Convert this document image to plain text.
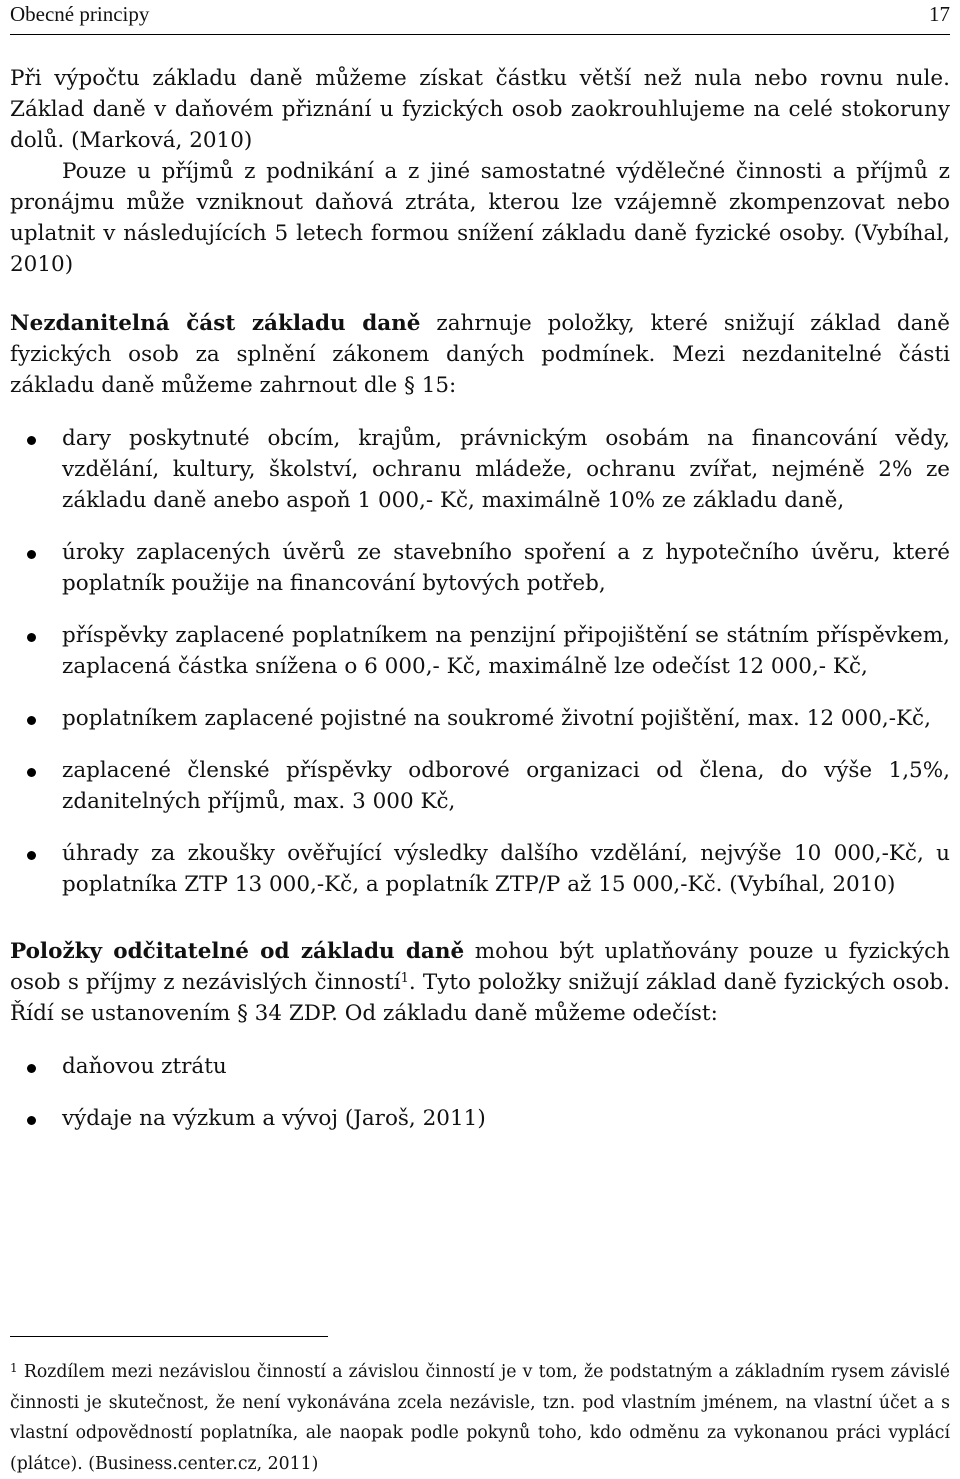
Obecné principy	17

Při výpočtu základu daně můžeme získat částku větší než nula nebo rovnu nule. Základ daně v daňovém přiznání u fyzických osob zaokrouhlujeme na celé stokoruny dolů. (Marková, 2010)

Pouze u příjmů z podnikání a z jiné samostatné výdělečné činnosti a příjmů z pronájmu může vzniknout daňová ztráta, kterou lze vzájemně zkompenzovat nebo uplatnit v následujících 5 letech formou snížení základu daně fyzické osoby. (Vybíhal, 2010)

Nezdanitelná část základu daně zahrnuje položky, které snižují základ daně fyzických osob za splnění zákonem daných podmínek. Mezi nezdanitelné části základu daně můžeme zahrnout dle § 15:

dary poskytnuté obcím, krajům, právnickým osobám na financování vědy, vzdělání, kultury, školství, ochranu mládeže, ochranu zvířat, nejméně 2% ze základu daně anebo aspoň 1 000,- Kč, maximálně 10% ze základu daně,
úroky zaplacených úvěrů ze stavebního spoření a z hypotečního úvěru, které poplatník použije na financování bytových potřeb,
příspěvky zaplacené poplatníkem na penzijní připojištění se státním příspěvkem, zaplacená částka snížena o 6 000,- Kč, maximálně lze odečíst 12 000,- Kč,
poplatníkem zaplacené pojistné na soukromé životní pojištění, max. 12 000,-Kč,
zaplacené členské příspěvky odborové organizaci od člena, do výše 1,5%, zdanitelných příjmů, max. 3 000 Kč,
úhrady za zkoušky ověřující výsledky dalšího vzdělání, nejvýše 10 000,-Kč, u poplatníka ZTP 13 000,-Kč, a poplatník ZTP/P až 15 000,-Kč. (Vybíhal, 2010)

Položky odčitatelné od základu daně mohou být uplatňovány pouze u fyzických osob s příjmy z nezávislých činností$^1$. Tyto položky snižují základ daně fyzických osob. Řídí se ustanovením § 34 ZDP. Od základu daně můžeme odečíst:

daňovou ztrátu
výdaje na výzkum a vývoj (Jaroš, 2011)

$^1$ Rozdílem mezi nezávislou činností a závislou činností je v tom, že podstatným a základním rysem závislé činnosti je skutečnost, že není vykonávána zcela nezávisle, tzn. pod vlastním jménem, na vlastní účet a s vlastní odpovědností poplatníka, ale naopak podle pokynů toho, kdo odměnu za vykonanou práci vyplácí (plátce). (Business.center.cz, 2011)
